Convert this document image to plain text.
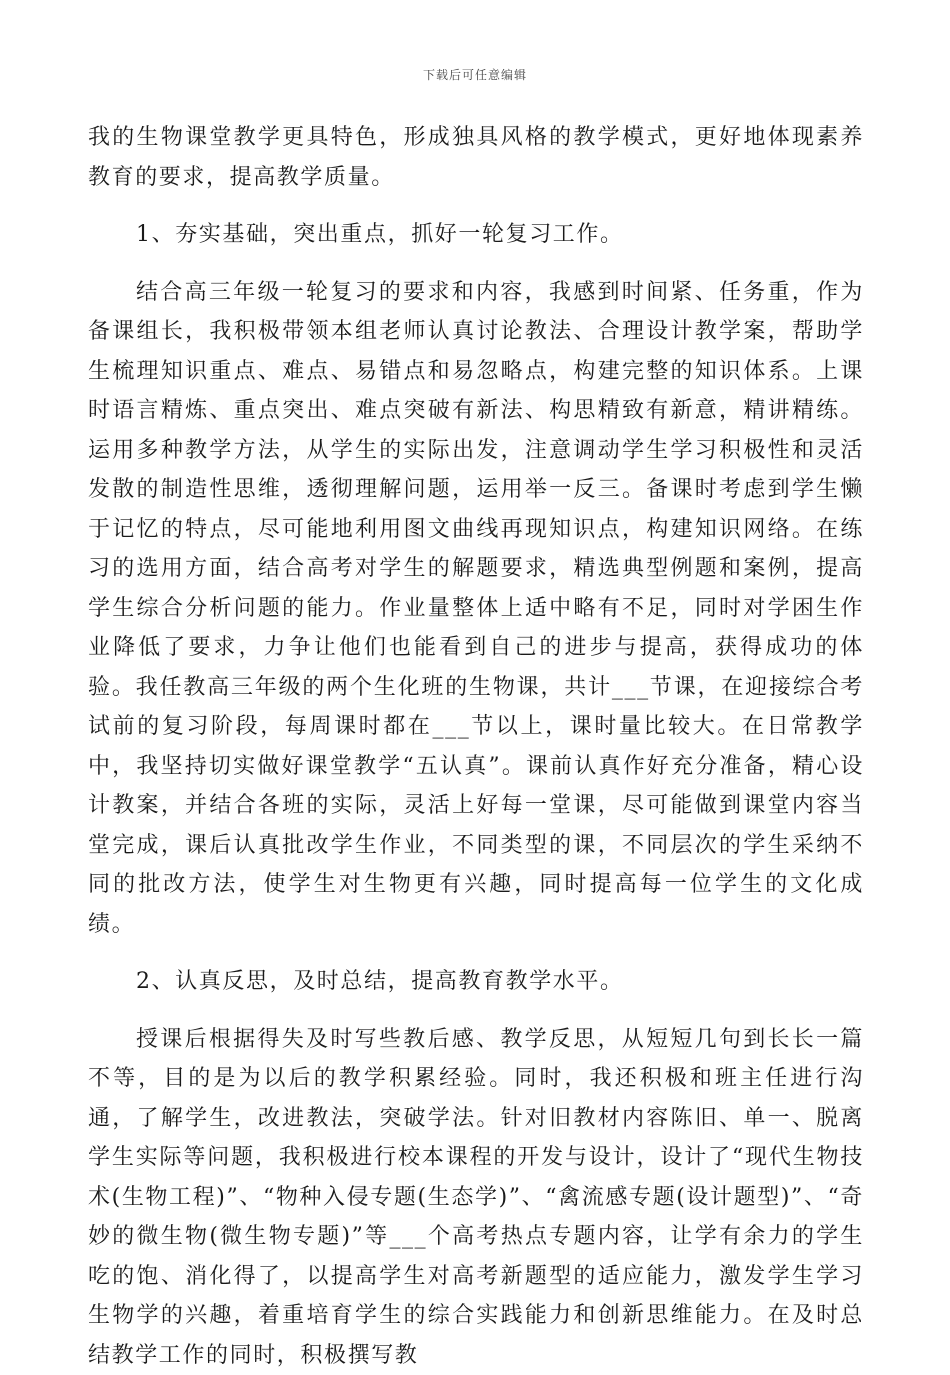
下载后可任意编辑

我的生物课堂教学更具特色，形成独具风格的教学模式，更好地体现素养教育的要求，提高教学质量。

1、夯实基础，突出重点，抓好一轮复习工作。

结合高三年级一轮复习的要求和内容，我感到时间紧、任务重，作为备课组长，我积极带领本组老师认真讨论教法、合理设计教学案，帮助学生梳理知识重点、难点、易错点和易忽略点，构建完整的知识体系。上课时语言精炼、重点突出、难点突破有新法、构思精致有新意，精讲精练。运用多种教学方法，从学生的实际出发，注意调动学生学习积极性和灵活发散的制造性思维，透彻理解问题，运用举一反三。备课时考虑到学生懒于记忆的特点，尽可能地利用图文曲线再现知识点，构建知识网络。在练习的选用方面，结合高考对学生的解题要求，精选典型例题和案例，提高学生综合分析问题的能力。作业量整体上适中略有不足，同时对学困生作业降低了要求，力争让他们也能看到自己的进步与提高，获得成功的体验。我任教高三年级的两个生化班的生物课，共计___节课，在迎接综合考试前的复习阶段，每周课时都在___节以上，课时量比较大。在日常教学中，我坚持切实做好课堂教学“五认真”。课前认真作好充分准备，精心设计教案，并结合各班的实际，灵活上好每一堂课，尽可能做到课堂内容当堂完成，课后认真批改学生作业，不同类型的课，不同层次的学生采纳不同的批改方法，使学生对生物更有兴趣，同时提高每一位学生的文化成绩。

2、认真反思，及时总结，提高教育教学水平。

授课后根据得失及时写些教后感、教学反思，从短短几句到长长一篇不等，目的是为以后的教学积累经验。同时，我还积极和班主任进行沟通，了解学生，改进教法，突破学法。针对旧教材内容陈旧、单一、脱离学生实际等问题，我积极进行校本课程的开发与设计，设计了“现代生物技术(生物工程)”、“物种入侵专题(生态学)”、“禽流感专题(设计题型)”、“奇妙的微生物(微生物专题)”等___个高考热点专题内容，让学有余力的学生吃的饱、消化得了，以提高学生对高考新题型的适应能力，激发学生学习生物学的兴趣，着重培育学生的综合实践能力和创新思维能力。在及时总结教学工作的同时，积极撰写教
